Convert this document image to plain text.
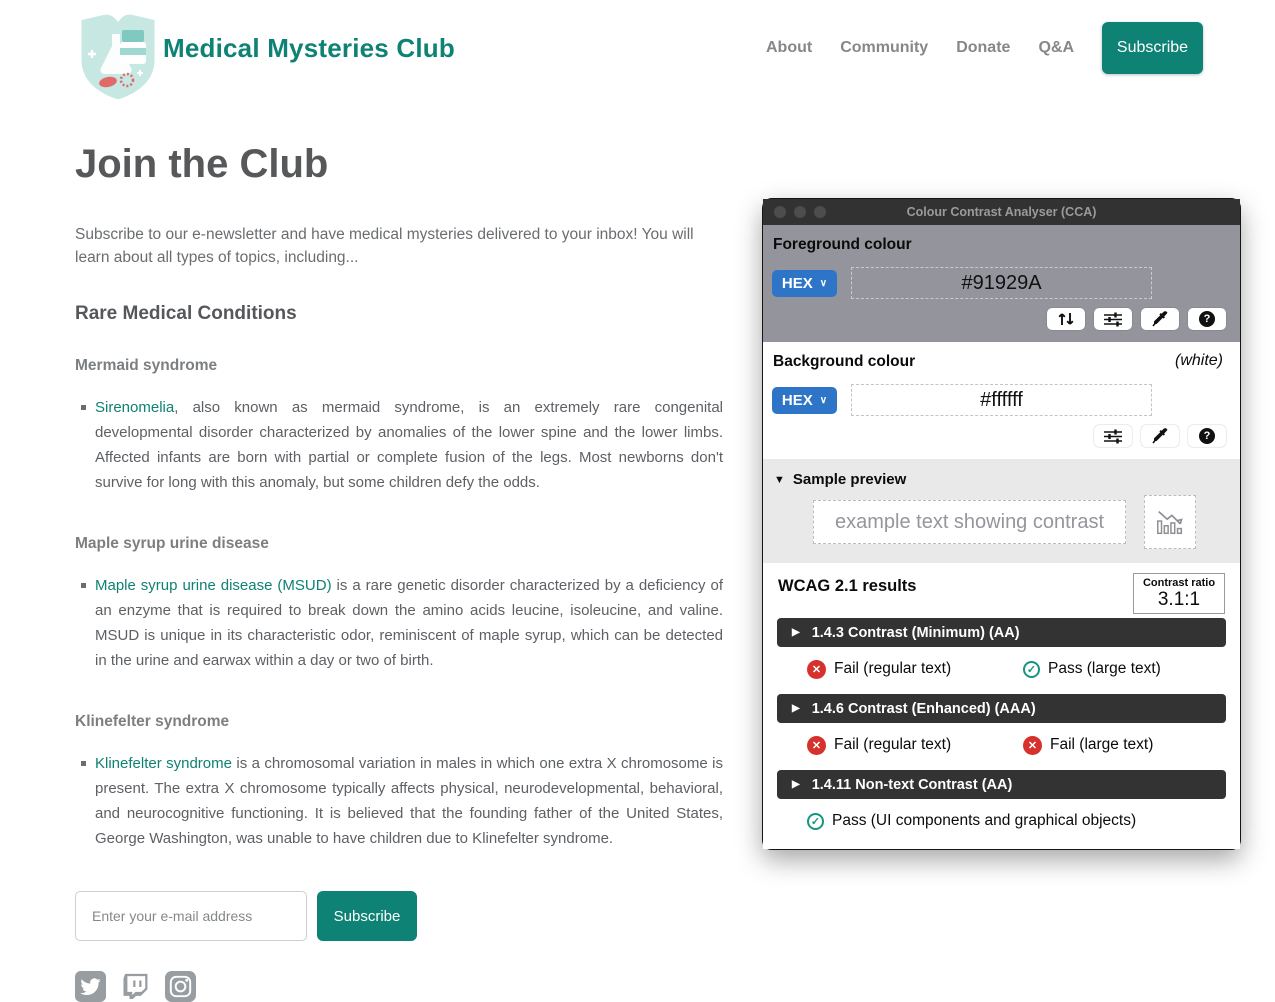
Medical Mysteries Club	About Community Donate Q&A	Subscribe
Join the Club

Subscribe to our e-newsletter and have medical mysteries delivered to your inbox! You will learn about all types of topics, including...

Rare Medical Conditions
Mermaid syndrome
Sirenomelia, also known as mermaid syndrome, is an extremely rare congenital developmental disorder characterized by anomalies of the lower spine and the lower limbs. Affected infants are born with partial or complete fusion of the legs. Most newborns don't survive for long with this anomaly, but some children defy the odds.
Maple syrup urine disease
Maple syrup urine disease (MSUD) is a rare genetic disorder characterized by a deficiency of an enzyme that is required to break down the amino acids leucine, isoleucine, and valine. MSUD is unique in its characteristic odor, reminiscent of maple syrup, which can be detected in the urine and earwax within a day or two of birth.
Klinefelter syndrome
Klinefelter syndrome is a chromosomal variation in males in which one extra X chromosome is present. The extra X chromosome typically affects physical, neurodevelopmental, behavioral, and neurocognitive functioning. It is believed that the founding father of the United States, George Washington, was unable to have children due to Klinefelter syndrome.
Enter your e-mail address
Subscribe
Colour Contrast Analyser (CCA)
Foreground colour
HEX ∨	#91929A
?
Background colour	(white)
HEX ∨	#ffffff
?
▼ Sample preview
example text showing contrast
WCAG 2.1 results	Contrast ratio
3.1:1
▶ 1.4.3 Contrast (Minimum) (AA)
✕ Fail (regular text)	✓ Pass (large text)
▶ 1.4.6 Contrast (Enhanced) (AAA)
✕ Fail (regular text)	✕ Fail (large text)
▶ 1.4.11 Non-text Contrast (AA)
✓ Pass (UI components and graphical objects)
